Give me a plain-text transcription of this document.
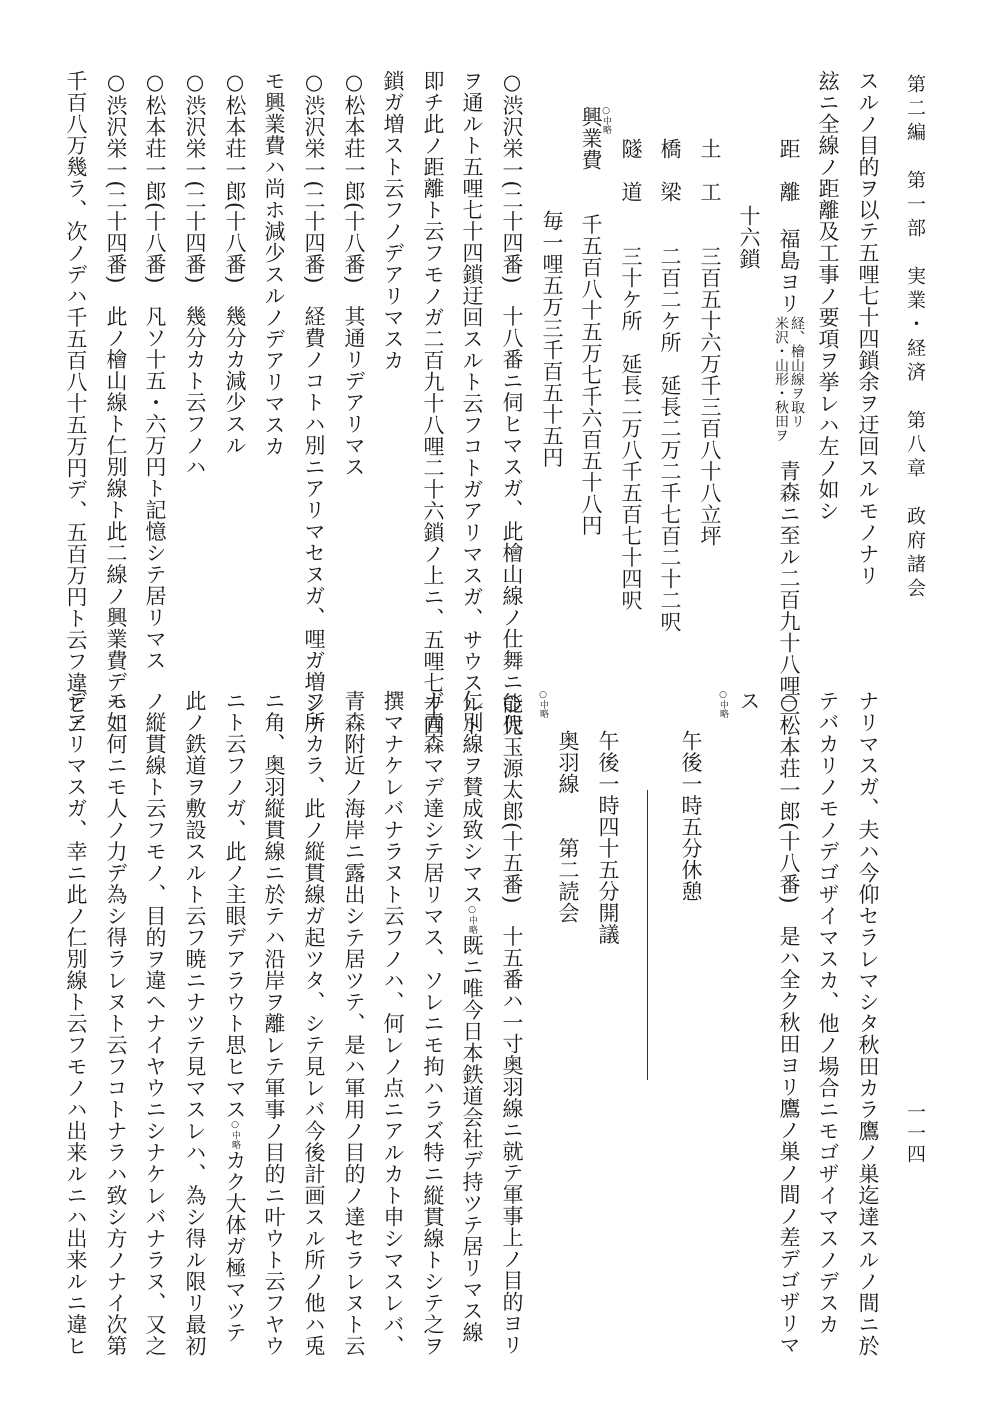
第二編　第一部　実業・経済　第八章　政府諸会
一一四

スルノ目的ヲ以テ五哩七十四鎖余ヲ迂回スルモノナリ

玆ニ全線ノ距離及工事ノ要項ヲ挙レハ左ノ如シ

距　離

福島ヨリ

米沢・山形・秋田ヲ 経、檜山線ヲ取リ

青森ニ至ル二百九十八哩二

十六鎖

土　工　　三百五十六万千三百八十八立坪

橋　梁　　二百二ケ所　延長二万二千七百二十二呎

隧　道　　三十ケ所　延長二万八千五百七十四呎

○中略

興業費　　千五百八十五万七千六百五十八円

毎一哩五万三千百五十五円

○渋沢栄一(二十四番)　十八番ニ伺ヒマスガ、此檜山線ノ仕舞ニ能代

ヲ通ルト五哩七十四鎖迂回スルト云フコトガアリマスガ、サウスルト

即チ此ノ距離ト云フモノガ二百九十八哩二十六鎖ノ上ニ、五哩七十四

鎖ガ増スト云フノデアリマスカ

○松本荘一郎(十八番)　其通リデアリマス

○渋沢栄一(二十四番)　経費ノコトハ別ニアリマセヌガ、哩ガ増シテ

モ興業費ハ尚ホ減少スルノデアリマスカ

○松本荘一郎(十八番)　幾分カ減少スル

○渋沢栄一(二十四番)　幾分カト云フノハ

○松本荘一郎(十八番)　凡ソ十五・六万円ト記憶シテ居リマス

○渋沢栄一(二十四番)　此ノ檜山線ト仁別線ト此二線ノ興業費デハ二

千百八万幾ラ、次ノデハ千五百八十五万円デ、五百万円ト云フ違ヒニ

ナリマスガ、夫ハ今仰セラレマシタ秋田カラ鷹ノ巣迄達スルノ間ニ於

テバカリノモノデゴザイマスカ、他ノ場合ニモゴザイマスノデスカ

○松本荘一郎(十八番)　是ハ全ク秋田ヨリ鷹ノ巣ノ間ノ差デゴザリマ

ス

○中略

午後一時五分休憩

午後一時四十五分開議

奥羽線　　第二読会

○中略

○児玉源太郎(十五番)　十五番ハ一寸奥羽線ニ就テ軍事上ノ目的ヨリ

仁別線ヲ賛成致シマス○中略既ニ唯今日本鉄道会社デ持ツテ居リマス線

ガ青森マデ達シテ居リマス、ソレニモ拘ハラズ特ニ縦貫線トシテ之ヲ

撰マナケレバナラヌト云フノハ、何レノ点ニアルカト申シマスレバ、

青森附近ノ海岸ニ露出シテ居ツテ、是ハ軍用ノ目的ノ達セラレヌト云

フ所カラ、此ノ縦貫線ガ起ツタ、シテ見レバ今後計画スル所ノ他ハ兎

ニ角、奥羽縦貫線ニ於テハ沿岸ヲ離レテ軍事ノ目的ニ叶ウト云フヤウ

ニト云フノガ、此ノ主眼デアラウト思ヒマス○中略カク大体ガ極マツテ

此ノ鉄道ヲ敷設スルト云フ暁ニナツテ見マスレハ、為シ得ル限リ最初

ノ縦貫線ト云フモノ、目的ヲ違ヘナイヤウニシナケレバナラヌ、又之

モ如何ニモ人ノ力デ為シ得ラレヌト云フコトナラハ致シ方ノナイ次第

デアリマスガ、幸ニ此ノ仁別線ト云フモノハ出来ルニハ出来ルニ違ヒ
